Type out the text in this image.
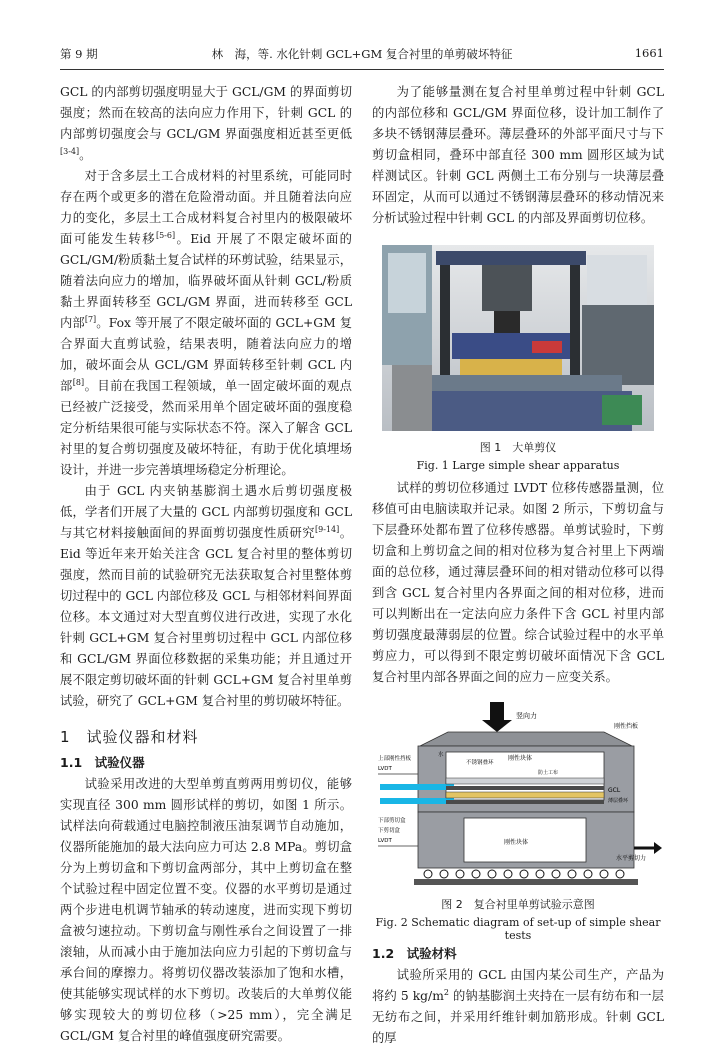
第 9 期	林　海，等. 水化针刺 GCL+GM 复合衬里的单剪破坏特征	1661

GCL 的内部剪切强度明显大于 GCL/GM 的界面剪切强度；然而在较高的法向应力作用下，针刺 GCL 的内部剪切强度会与 GCL/GM 界面强度相近甚至更低[3-4]。

对于含多层土工合成材料的衬里系统，可能同时存在两个或更多的潜在危险滑动面。并且随着法向应力的变化，多层土工合成材料复合衬里内的极限破坏面可能发生转移[5-6]。Eid 开展了不限定破坏面的 GCL/GM/粉质黏土复合试样的环剪试验，结果显示，随着法向应力的增加，临界破坏面从针刺 GCL/粉质黏土界面转移至 GCL/GM 界面，进而转移至 GCL 内部[7]。Fox 等开展了不限定破坏面的 GCL+GM 复合界面大直剪试验，结果表明，随着法向应力的增加，破坏面会从 GCL/GM 界面转移至针刺 GCL 内部[8]。目前在我国工程领域，单一固定破坏面的观点已经被广泛接受，然而采用单个固定破坏面的强度稳定分析结果很可能与实际状态不符。深入了解含 GCL 衬里的复合剪切强度及破坏特征，有助于优化填埋场设计，并进一步完善填埋场稳定分析理论。

由于 GCL 内夹钠基膨润土遇水后剪切强度极低，学者们开展了大量的 GCL 内部剪切强度和 GCL 与其它材料接触面间的界面剪切强度性质研究[9-14]。Eid 等近年来开始关注含 GCL 复合衬里的整体剪切强度，然而目前的试验研究无法获取复合衬里整体剪切过程中的 GCL 内部位移及 GCL 与相邻材料间界面位移。本文通过对大型直剪仪进行改进，实现了水化针刺 GCL+GM 复合衬里剪切过程中 GCL 内部位移和 GCL/GM 界面位移数据的采集功能；并且通过开展不限定剪切破坏面的针刺 GCL+GM 复合衬里单剪试验，研究了 GCL+GM 复合衬里的剪切破坏特征。

1　试验仪器和材料
1.1　试验仪器

试验采用改进的大型单剪直剪两用剪切仪，能够实现直径 300 mm 圆形试样的剪切，如图 1 所示。试样法向荷载通过电脑控制液压油泵调节自动施加，仪器所能施加的最大法向应力可达 2.8 MPa。剪切盒分为上剪切盒和下剪切盒两部分，其中上剪切盒在整个试验过程中固定位置不变。仪器的水平剪切是通过两个步进电机调节轴承的转动速度，进而实现下剪切盒被匀速拉动。下剪切盒与刚性承台之间设置了一排滚轴，从而减小由于施加法向应力引起的下剪切盒与承台间的摩擦力。将剪切仪器改装添加了饱和水槽，使其能够实现试样的水下剪切。改装后的大单剪仪能够实现较大的剪切位移（>25 mm），完全满足 GCL/GM 复合衬里的峰值强度研究需要。

为了能够量测在复合衬里单剪过程中针刺 GCL 的内部位移和 GCL/GM 界面位移，设计加工制作了多块不锈钢薄层叠环。薄层叠环的外部平面尺寸与下剪切盒相同，叠环中部直径 300 mm 圆形区域为试样测试区。针刺 GCL 两侧土工布分别与一块薄层叠环固定，从而可以通过不锈钢薄层叠环的移动情况来分析试验过程中针刺 GCL 的内部及界面剪切位移。

图 1　大单剪仪
Fig. 1 Large simple shear apparatus

试样的剪切位移通过 LVDT 位移传感器量测，位移值可由电脑读取并记录。如图 2 所示，下剪切盒与下层叠环处都布置了位移传感器。单剪试验时，下剪切盒和上剪切盒之间的相对位移为复合衬里上下两端面的总位移，通过薄层叠环间的相对错动位移可以得到含 GCL 复合衬里内各界面之间的相对位移，进而可以判断出在一定法向应力条件下含 GCL 衬里内部剪切强度最薄弱层的位置。综合试验过程中的水平单剪应力，可以得到不限定剪切破坏面情况下含 GCL 复合衬里内部各界面之间的应力－应变关系。

竖向力
刚性挡板
不锈钢叠环
刚性块体
水
上部刚性挡板
LVDT
防土工布
GCL
薄层叠环
刚性块体
下剪切盒
LVDT
下部剪切盒
水平剪切力
图 2　复合衬里单剪试验示意图
Fig. 2 Schematic diagram of set-up of simple shear tests
1.2　试验材料

试验所采用的 GCL 由国内某公司生产，产品为将约 5 $kg/m^2$ 的钠基膨润土夹持在一层有纺布和一层无纺布之间，并采用纤维针刺加筋形成。针刺 GCL 的厚
